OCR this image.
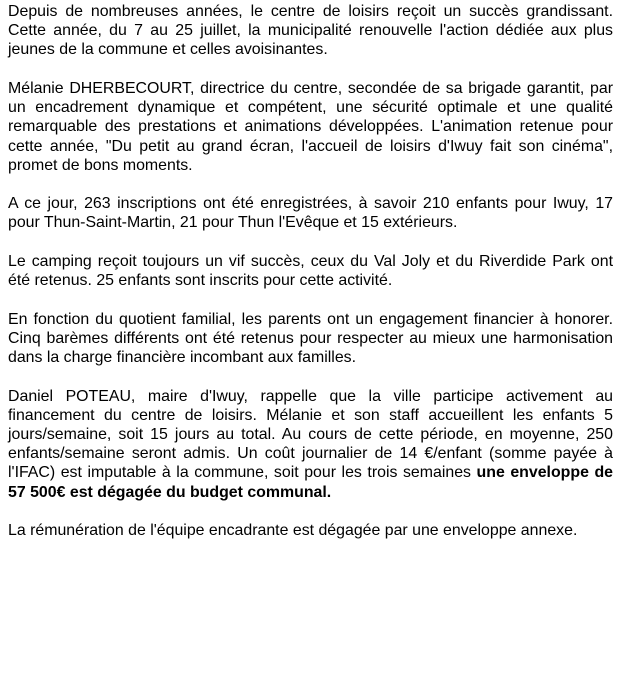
Depuis de nombreuses années, le centre de loisirs reçoit un succès grandissant. Cette année, du 7 au 25 juillet, la municipalité renouvelle l'action dédiée aux plus jeunes de la commune et celles avoisinantes.

Mélanie DHERBECOURT, directrice du centre, secondée de sa brigade garantit, par un encadrement dynamique et compétent, une sécurité optimale et une qualité remarquable des prestations et animations développées. L'animation retenue pour cette année, "Du petit au grand écran, l'accueil de loisirs d'Iwuy fait son cinéma", promet de bons moments.

A ce jour, 263 inscriptions ont été enregistrées, à savoir 210 enfants pour Iwuy, 17 pour Thun-Saint-Martin, 21 pour Thun l'Evêque et 15 extérieurs.

Le camping reçoit toujours un vif succès, ceux du Val Joly et du Riverdide Park ont été retenus. 25 enfants sont inscrits pour cette activité.

En fonction du quotient familial, les parents ont un engagement financier à honorer. Cinq barèmes différents ont été retenus pour respecter au mieux une harmonisation dans la charge financière incombant aux familles.

Daniel POTEAU, maire d'Iwuy, rappelle que la ville participe activement au financement du centre de loisirs. Mélanie et son staff accueillent les enfants 5 jours/semaine, soit 15 jours au total. Au cours de cette période, en moyenne, 250 enfants/semaine seront admis. Un coût journalier de 14 €/enfant (somme payée à l'IFAC) est imputable à la commune, soit pour les trois semaines une enveloppe de 57 500€ est dégagée du budget communal.

La rémunération de l'équipe encadrante est dégagée par une enveloppe annexe.
